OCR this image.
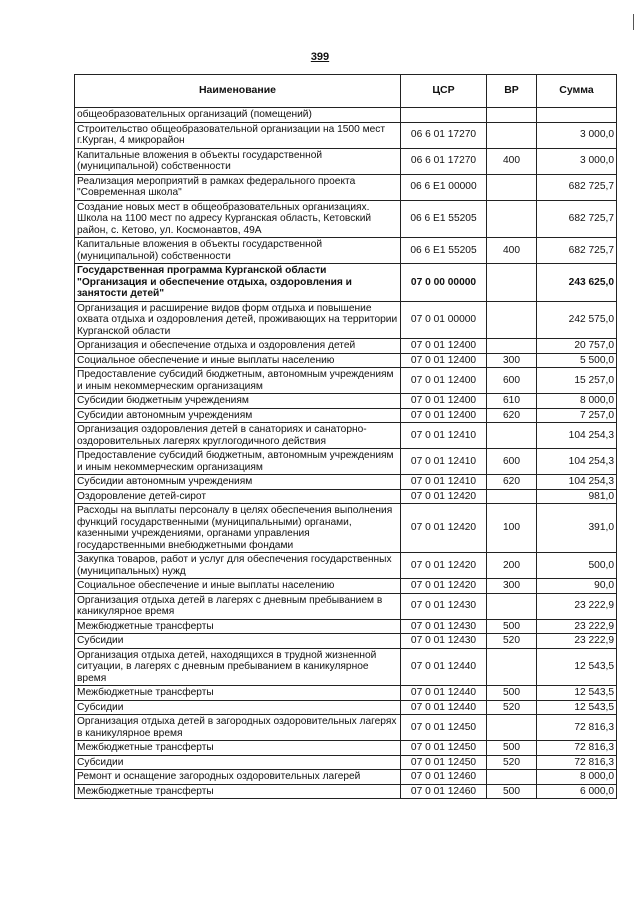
399
Наименование	ЦСР	ВР	Сумма
общеобразовательных организаций (помещений)			
Строительство общеобразовательной организации на 1500 мест г.Курган, 4 микрорайон	06 6 01 17270		3 000,0
Капитальные вложения в объекты государственной (муниципальной) собственности	06 6 01 17270	400	3 000,0
Реализация мероприятий в рамках федерального проекта "Современная школа"	06 6 E1 00000		682 725,7
Создание новых мест в общеобразовательных организациях. Школа на 1100 мест по адресу Курганская область, Кетовский район, с. Кетово, ул. Космонавтов, 49А	06 6 E1 55205		682 725,7
Капитальные вложения в объекты государственной (муниципальной) собственности	06 6 E1 55205	400	682 725,7
Государственная программа Курганской области "Организация и обеспечение отдыха, оздоровления и занятости детей"	07 0 00 00000		243 625,0
Организация и расширение видов форм отдыха и повышение охвата отдыха и оздоровления детей, проживающих на территории Курганской области	07 0 01 00000		242 575,0
Организация и обеспечение отдыха и оздоровления детей	07 0 01 12400		20 757,0
Социальное обеспечение и иные выплаты населению	07 0 01 12400	300	5 500,0
Предоставление субсидий бюджетным, автономным учреждениям и иным некоммерческим организациям	07 0 01 12400	600	15 257,0
Субсидии бюджетным учреждениям	07 0 01 12400	610	8 000,0
Субсидии автономным учреждениям	07 0 01 12400	620	7 257,0
Организация оздоровления детей в санаториях и санаторно-оздоровительных лагерях круглогодичного действия	07 0 01 12410		104 254,3
Предоставление субсидий бюджетным, автономным учреждениям и иным некоммерческим организациям	07 0 01 12410	600	104 254,3
Субсидии автономным учреждениям	07 0 01 12410	620	104 254,3
Оздоровление детей-сирот	07 0 01 12420		981,0
Расходы на выплаты персоналу в целях обеспечения выполнения функций государственными (муниципальными) органами, казенными учреждениями, органами управления государственными внебюджетными фондами	07 0 01 12420	100	391,0
Закупка товаров, работ и услуг для обеспечения государственных (муниципальных) нужд	07 0 01 12420	200	500,0
Социальное обеспечение и иные выплаты населению	07 0 01 12420	300	90,0
Организация отдыха детей в лагерях с дневным пребыванием в каникулярное время	07 0 01 12430		23 222,9
Межбюджетные трансферты	07 0 01 12430	500	23 222,9
Субсидии	07 0 01 12430	520	23 222,9
Организация отдыха детей, находящихся в трудной жизненной ситуации, в лагерях с дневным пребыванием в каникулярное время	07 0 01 12440		12 543,5
Межбюджетные трансферты	07 0 01 12440	500	12 543,5
Субсидии	07 0 01 12440	520	12 543,5
Организация отдыха детей в загородных оздоровительных лагерях в каникулярное время	07 0 01 12450		72 816,3
Межбюджетные трансферты	07 0 01 12450	500	72 816,3
Субсидии	07 0 01 12450	520	72 816,3
Ремонт и оснащение загородных оздоровительных лагерей	07 0 01 12460		8 000,0
Межбюджетные трансферты	07 0 01 12460	500	6 000,0
